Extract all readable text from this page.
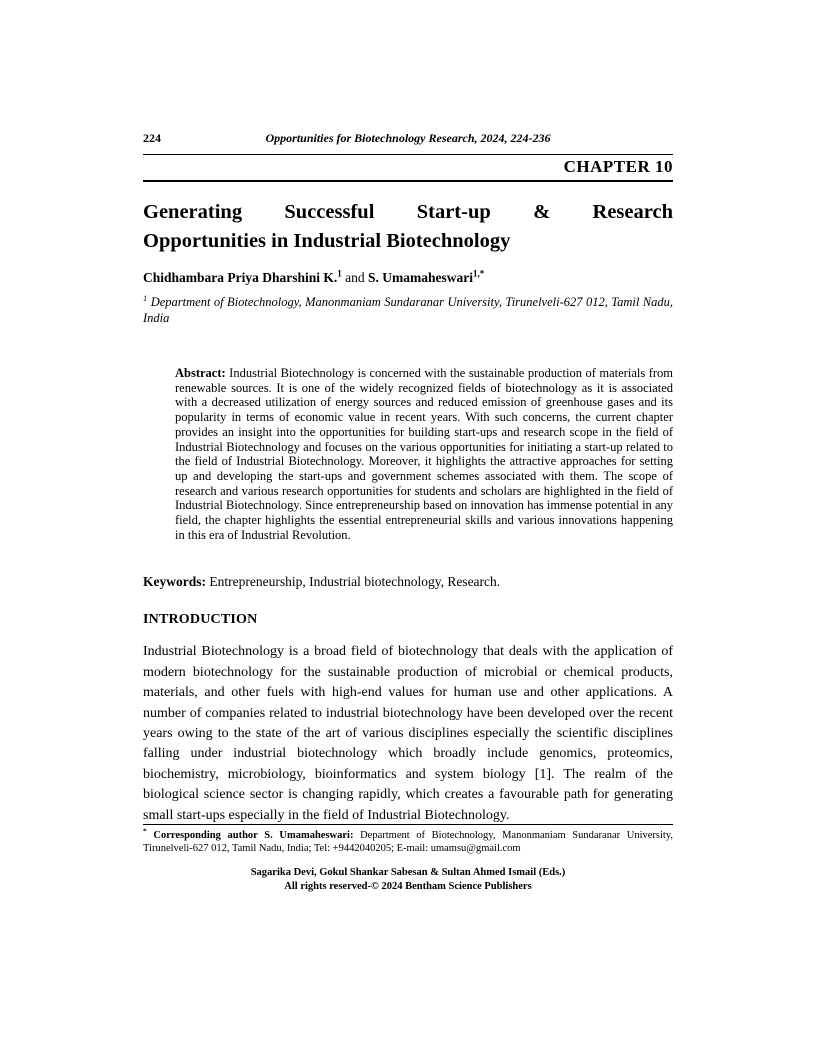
224	Opportunities for Biotechnology Research, 2024, 224-236
CHAPTER 10
Generating Successful Start-up & Research
Opportunities in Industrial Biotechnology
Chidhambara Priya Dharshini K.$^1$ and S. Umamaheswari$^{1,*}$
$^1$ Department of Biotechnology, Manonmaniam Sundaranar University, Tirunelveli-627 012, Tamil Nadu, India
Abstract: Industrial Biotechnology is concerned with the sustainable production of materials from renewable sources. It is one of the widely recognized fields of biotechnology as it is associated with a decreased utilization of energy sources and reduced emission of greenhouse gases and its popularity in terms of economic value in recent years. With such concerns, the current chapter provides an insight into the opportunities for building start-ups and research scope in the field of Industrial Biotechnology and focuses on the various opportunities for initiating a start-up related to the field of Industrial Biotechnology. Moreover, it highlights the attractive approaches for setting up and developing the start-ups and government schemes associated with them. The scope of research and various research opportunities for students and scholars are highlighted in the field of Industrial Biotechnology. Since entrepreneurship based on innovation has immense potential in any field, the chapter highlights the essential entrepreneurial skills and various innovations happening in this era of Industrial Revolution.
Keywords: Entrepreneurship, Industrial biotechnology, Research.
INTRODUCTION
Industrial Biotechnology is a broad field of biotechnology that deals with the application of modern biotechnology for the sustainable production of microbial or chemical products, materials, and other fuels with high-end values for human use and other applications. A number of companies related to industrial biotechnology have been developed over the recent years owing to the state of the art of various disciplines especially the scientific disciplines falling under industrial biotechnology which broadly include genomics, proteomics, biochemistry, microbiology, bioinformatics and system biology [1]. The realm of the biological science sector is changing rapidly, which creates a favourable path for generating small start-ups especially in the field of Industrial Biotechnology.
* Corresponding author S. Umamaheswari: Department of Biotechnology, Manonmaniam Sundaranar University, Tirunelveli-627 012, Tamil Nadu, India; Tel: +9442040205; E-mail: umamsu@gmail.com
Sagarika Devi, Gokul Shankar Sabesan & Sultan Ahmed Ismail (Eds.)
All rights reserved-© 2024 Bentham Science Publishers
